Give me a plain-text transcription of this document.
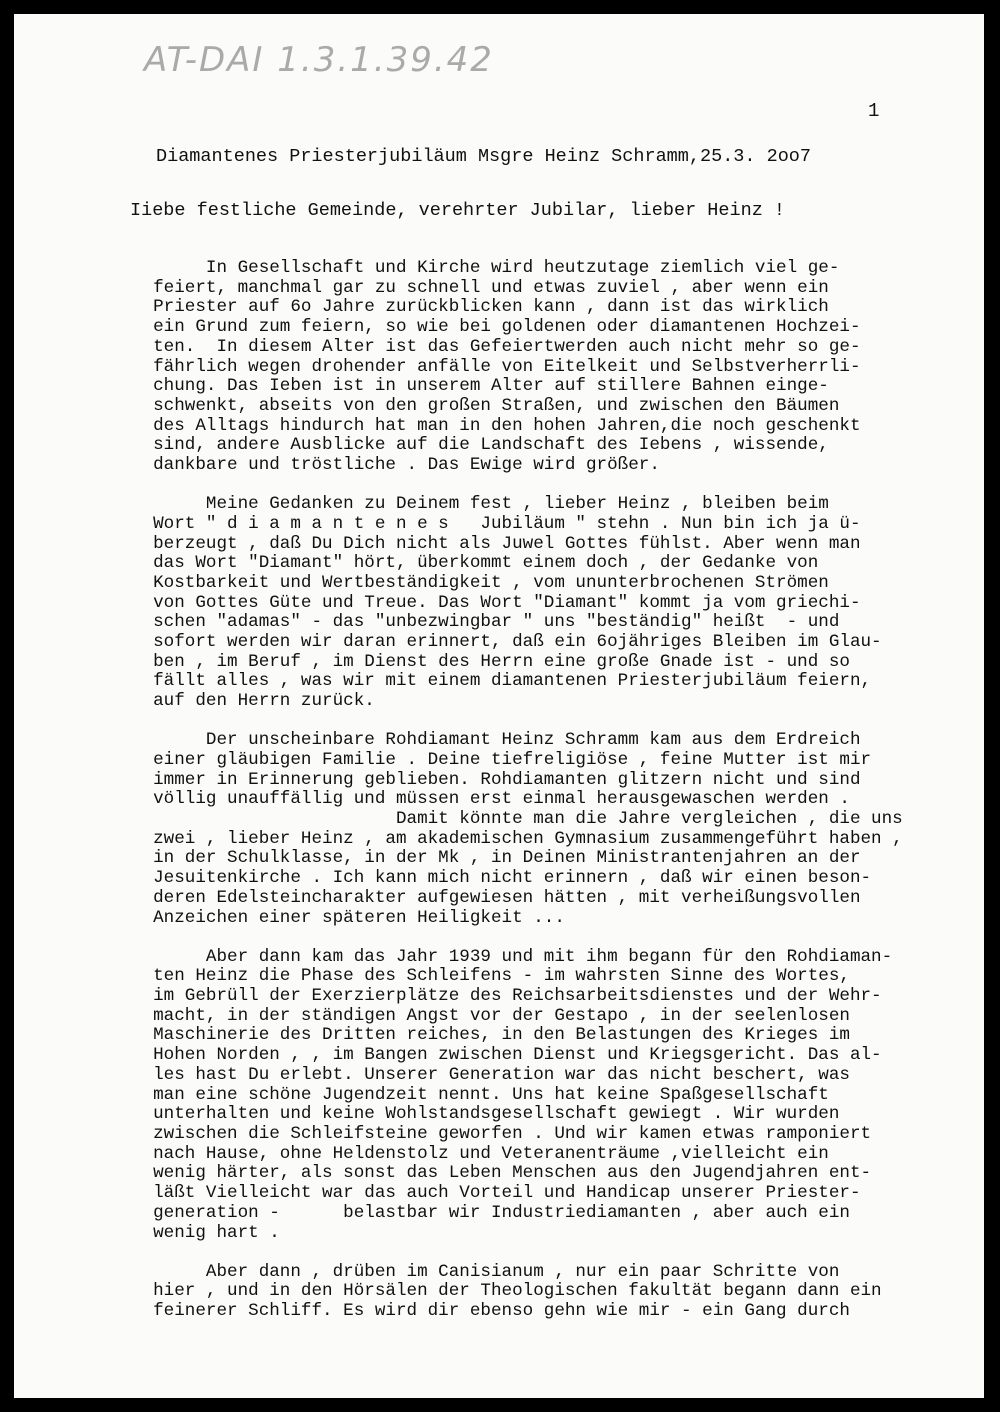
AT-DAI 1.3.1.39.42
1
Diamantenes Priesterjubiläum Msgre Heinz Schramm,25.3. 2oo7
Iiebe festliche Gemeinde, verehrter Jubilar, lieber Heinz !
In Gesellschaft und Kirche wird heutzutage ziemlich viel ge-
feiert, manchmal gar zu schnell und etwas zuviel , aber wenn ein
Priester auf 6o Jahre zurückblicken kann , dann ist das wirklich
ein Grund zum feiern, so wie bei goldenen oder diamantenen Hochzei-
ten.  In diesem Alter ist das Gefeiertwerden auch nicht mehr so ge-
fährlich wegen drohender anfälle von Eitelkeit und Selbstverherrli-
chung. Das Ieben ist in unserem Alter auf stillere Bahnen einge-
schwenkt, abseits von den großen Straßen, und zwischen den Bäumen
des Alltags hindurch hat man in den hohen Jahren,die noch geschenkt
sind, andere Ausblicke auf die Landschaft des Iebens , wissende,
dankbare und tröstliche . Das Ewige wird größer.
Meine Gedanken zu Deinem fest , lieber Heinz , bleiben beim
Wort " d i a m a n t e n e s   Jubiläum " stehn . Nun bin ich ja ü-
berzeugt , daß Du Dich nicht als Juwel Gottes fühlst. Aber wenn man
das Wort "Diamant" hört, überkommt einem doch , der Gedanke von
Kostbarkeit und Wertbeständigkeit , vom ununterbrochenen Strömen
von Gottes Güte und Treue. Das Wort "Diamant" kommt ja vom griechi-
schen "adamas" - das "unbezwingbar " uns "beständig" heißt  - und
sofort werden wir daran erinnert, daß ein 6ojähriges Bleiben im Glau-
ben , im Beruf , im Dienst des Herrn eine große Gnade ist - und so
fällt alles , was wir mit einem diamantenen Priesterjubiläum feiern,
auf den Herrn zurück.
Der unscheinbare Rohdiamant Heinz Schramm kam aus dem Erdreich
einer gläubigen Familie . Deine tiefreligiöse , feine Mutter ist mir
immer in Erinnerung geblieben. Rohdiamanten glitzern nicht und sind
völlig unauffällig und müssen erst einmal herausgewaschen werden .
Damit könnte man die Jahre vergleichen , die uns
zwei , lieber Heinz , am akademischen Gymnasium zusammengeführt haben ,
in der Schulklasse, in der Mk , in Deinen Ministrantenjahren an der
Jesuitenkirche . Ich kann mich nicht erinnern , daß wir einen beson-
deren Edelsteincharakter aufgewiesen hätten , mit verheißungsvollen
Anzeichen einer späteren Heiligkeit ...
Aber dann kam das Jahr 1939 und mit ihm begann für den Rohdiaman-
ten Heinz die Phase des Schleifens - im wahrsten Sinne des Wortes,
im Gebrüll der Exerzierplätze des Reichsarbeitsdienstes und der Wehr-
macht, in der ständigen Angst vor der Gestapo , in der seelenlosen
Maschinerie des Dritten reiches, in den Belastungen des Krieges im
Hohen Norden , , im Bangen zwischen Dienst und Kriegsgericht. Das al-
les hast Du erlebt. Unserer Generation war das nicht beschert, was
man eine schöne Jugendzeit nennt. Uns hat keine Spaßgesellschaft
unterhalten und keine Wohlstandsgesellschaft gewiegt . Wir wurden
zwischen die Schleifsteine geworfen . Und wir kamen etwas ramponiert
nach Hause, ohne Heldenstolz und Veteranenträume ,vielleicht ein
wenig härter, als sonst das Leben Menschen aus den Jugendjahren ent-
läßt Vielleicht war das auch Vorteil und Handicap unserer Priester-
generation -      belastbar wir Industriediamanten , aber auch ein
wenig hart .
Aber dann , drüben im Canisianum , nur ein paar Schritte von
hier , und in den Hörsälen der Theologischen fakultät begann dann ein
feinerer Schliff. Es wird dir ebenso gehn wie mir - ein Gang durch
